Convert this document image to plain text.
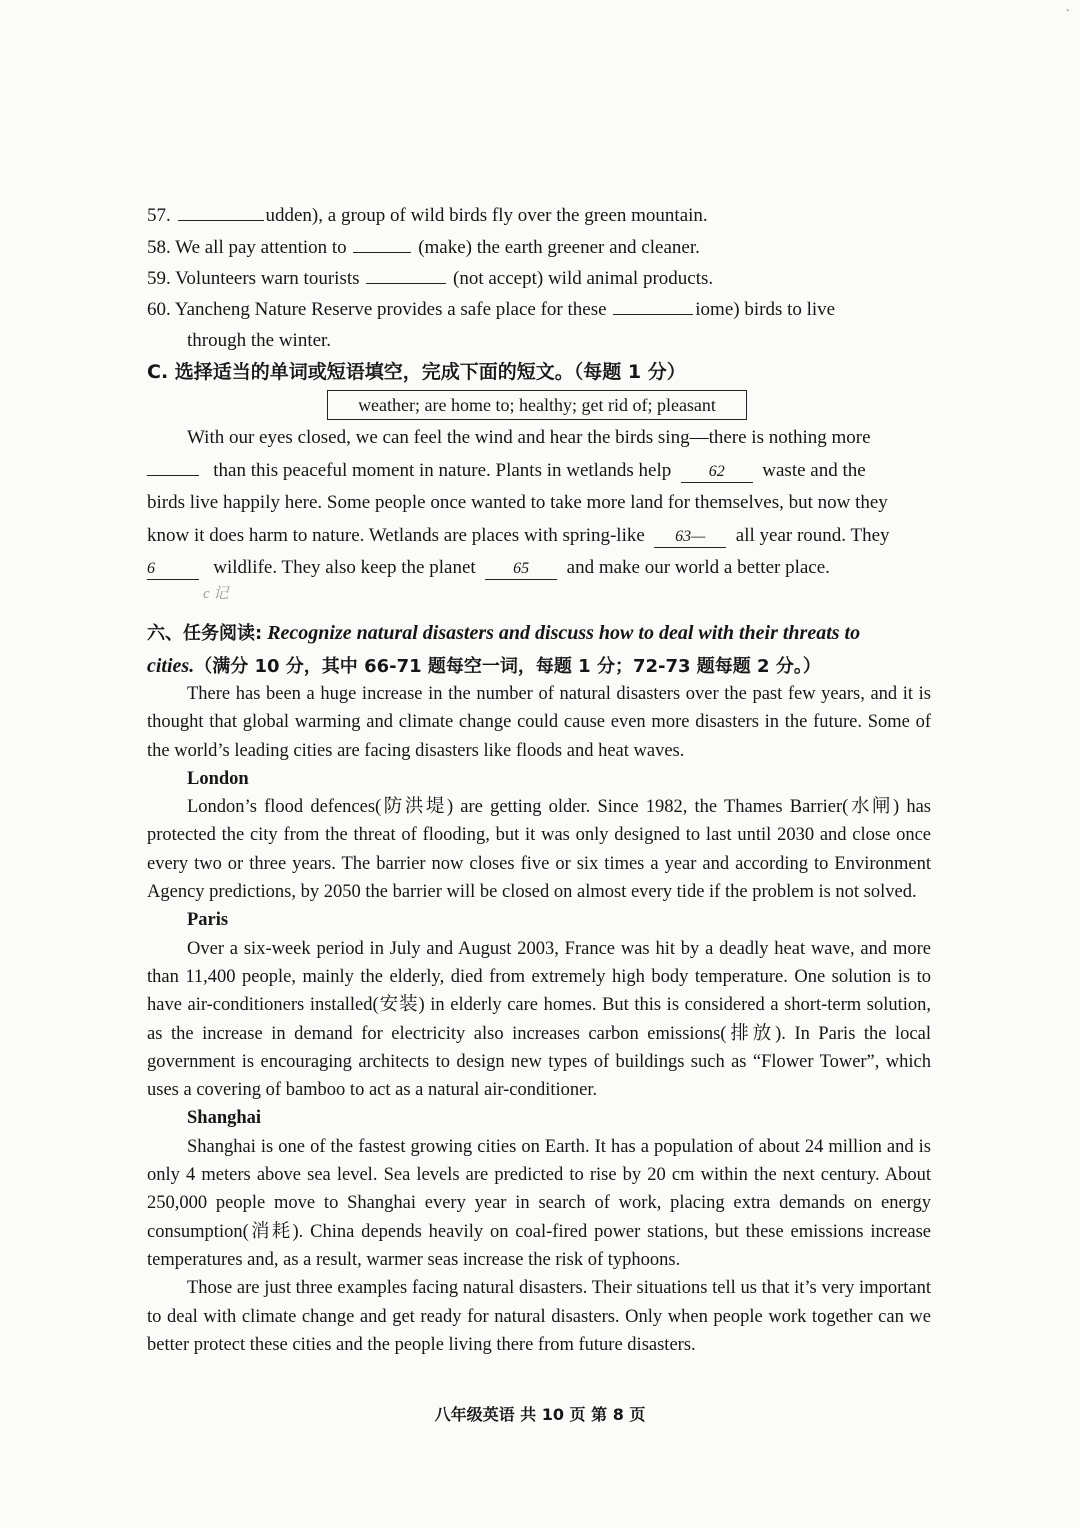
·
57.	udden), a group of wild birds fly over the green mountain.
58. We all pay attention to	(make) the earth greener and cleaner.
59. Volunteers warn tourists	(not accept) wild animal products.
60. Yancheng Nature Reserve provides a safe place for these	iome) birds to live
through the winter.
C. 选择适当的单词或短语填空，完成下面的短文。（每题 1 分）
weather; are home to; healthy; get rid of; pleasant
With our eyes closed, we can feel the wind and hear the birds sing—there is nothing more
than this peaceful moment in nature. Plants in wetlands help 62 waste and the
birds live happily here. Some people once wanted to take more land for themselves, but now they
know it does harm to nature. Wetlands are places with spring-like 63— all year round. They
6	wildlife. They also keep the planet 65 and make our world a better place.
c 记
六、任务阅读: Recognize natural disasters and discuss how to deal with their threats to
cities.（满分 10 分，其中 66-71 题每空一词，每题 1 分；72-73 题每题 2 分。）

There has been a huge increase in the number of natural disasters over the past few years, and it is thought that global warming and climate change could cause even more disasters in the future. Some of the world’s leading cities are facing disasters like floods and heat waves.

London

London’s flood defences(防洪堤) are getting older. Since 1982, the Thames Barrier(水闸) has protected the city from the threat of flooding, but it was only designed to last until 2030 and close once every two or three years. The barrier now closes five or six times a year and according to Environment Agency predictions, by 2050 the barrier will be closed on almost every tide if the problem is not solved.

Paris

Over a six-week period in July and August 2003, France was hit by a deadly heat wave, and more than 11,400 people, mainly the elderly, died from extremely high body temperature. One solution is to have air-conditioners installed(安装) in elderly care homes. But this is considered a short-term solution, as the increase in demand for electricity also increases carbon emissions(排放). In Paris the local government is encouraging architects to design new types of buildings such as “Flower Tower”, which uses a covering of bamboo to act as a natural air-conditioner.

Shanghai

Shanghai is one of the fastest growing cities on Earth. It has a population of about 24 million and is only 4 meters above sea level. Sea levels are predicted to rise by 20 cm within the next century. About 250,000 people move to Shanghai every year in search of work, placing extra demands on energy consumption(消耗). China depends heavily on coal-fired power stations, but these emissions increase temperatures and, as a result, warmer seas increase the risk of typhoons.

Those are just three examples facing natural disasters. Their situations tell us that it’s very important to deal with climate change and get ready for natural disasters. Only when people work together can we better protect these cities and the people living there from future disasters.

八年级英语 共 10 页 第 8 页
